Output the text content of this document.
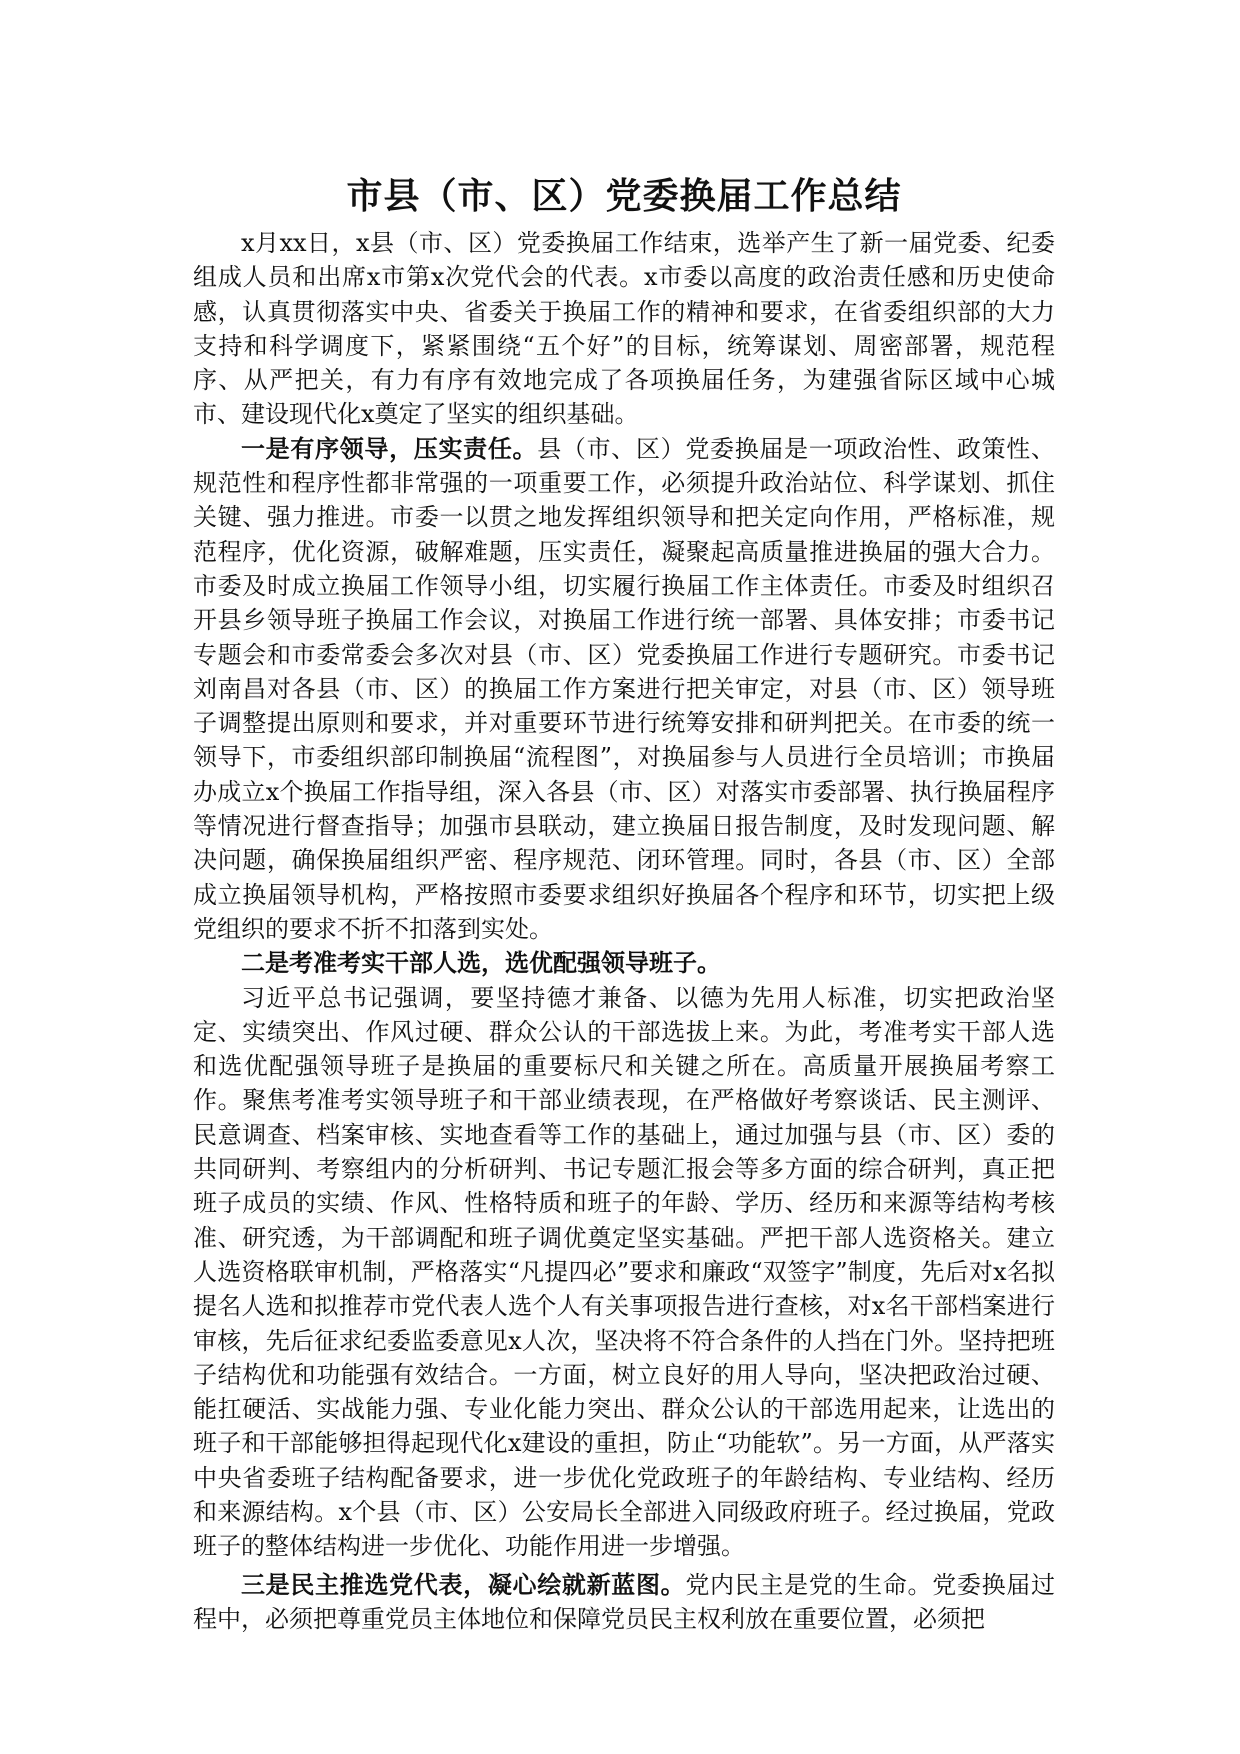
市县（市、区）党委换届工作总结

x月xx日，x县（市、区）党委换届工作结束，选举产生了新一届党委、纪委组成人员和出席x市第x次党代会的代表。x市委以高度的政治责任感和历史使命感，认真贯彻落实中央、省委关于换届工作的精神和要求，在省委组织部的大力支持和科学调度下，紧紧围绕“五个好”的目标，统筹谋划、周密部署，规范程序、从严把关，有力有序有效地完成了各项换届任务，为建强省际区域中心城市、建设现代化x奠定了坚实的组织基础。

一是有序领导，压实责任。县（市、区）党委换届是一项政治性、政策性、规范性和程序性都非常强的一项重要工作，必须提升政治站位、科学谋划、抓住关键、强力推进。市委一以贯之地发挥组织领导和把关定向作用，严格标准，规范程序，优化资源，破解难题，压实责任，凝聚起高质量推进换届的强大合力。市委及时成立换届工作领导小组，切实履行换届工作主体责任。市委及时组织召开县乡领导班子换届工作会议，对换届工作进行统一部署、具体安排；市委书记专题会和市委常委会多次对县（市、区）党委换届工作进行专题研究。市委书记刘南昌对各县（市、区）的换届工作方案进行把关审定，对县（市、区）领导班子调整提出原则和要求，并对重要环节进行统筹安排和研判把关。在市委的统一领导下，市委组织部印制换届“流程图”，对换届参与人员进行全员培训；市换届办成立x个换届工作指导组，深入各县（市、区）对落实市委部署、执行换届程序等情况进行督查指导；加强市县联动，建立换届日报告制度，及时发现问题、解决问题，确保换届组织严密、程序规范、闭环管理。同时，各县（市、区）全部成立换届领导机构，严格按照市委要求组织好换届各个程序和环节，切实把上级党组织的要求不折不扣落到实处。

二是考准考实干部人选，选优配强领导班子。

习近平总书记强调，要坚持德才兼备、以德为先用人标准，切实把政治坚定、实绩突出、作风过硬、群众公认的干部选拔上来。为此，考准考实干部人选和选优配强领导班子是换届的重要标尺和关键之所在。高质量开展换届考察工作。聚焦考准考实领导班子和干部业绩表现，在严格做好考察谈话、民主测评、民意调查、档案审核、实地查看等工作的基础上，通过加强与县（市、区）委的共同研判、考察组内的分析研判、书记专题汇报会等多方面的综合研判，真正把班子成员的实绩、作风、性格特质和班子的年龄、学历、经历和来源等结构考核准、研究透，为干部调配和班子调优奠定坚实基础。严把干部人选资格关。建立人选资格联审机制，严格落实“凡提四必”要求和廉政“双签字”制度，先后对x名拟提名人选和拟推荐市党代表人选个人有关事项报告进行查核，对x名干部档案进行审核，先后征求纪委监委意见x人次，坚决将不符合条件的人挡在门外。坚持把班子结构优和功能强有效结合。一方面，树立良好的用人导向，坚决把政治过硬、能扛硬活、实战能力强、专业化能力突出、群众公认的干部选用起来，让选出的班子和干部能够担得起现代化x建设的重担，防止“功能软”。另一方面，从严落实中央省委班子结构配备要求，进一步优化党政班子的年龄结构、专业结构、经历和来源结构。x个县（市、区）公安局长全部进入同级政府班子。经过换届，党政班子的整体结构进一步优化、功能作用进一步增强。

三是民主推选党代表，凝心绘就新蓝图。党内民主是党的生命。党委换届过程中，必须把尊重党员主体地位和保障党员民主权利放在重要位置，必须把
